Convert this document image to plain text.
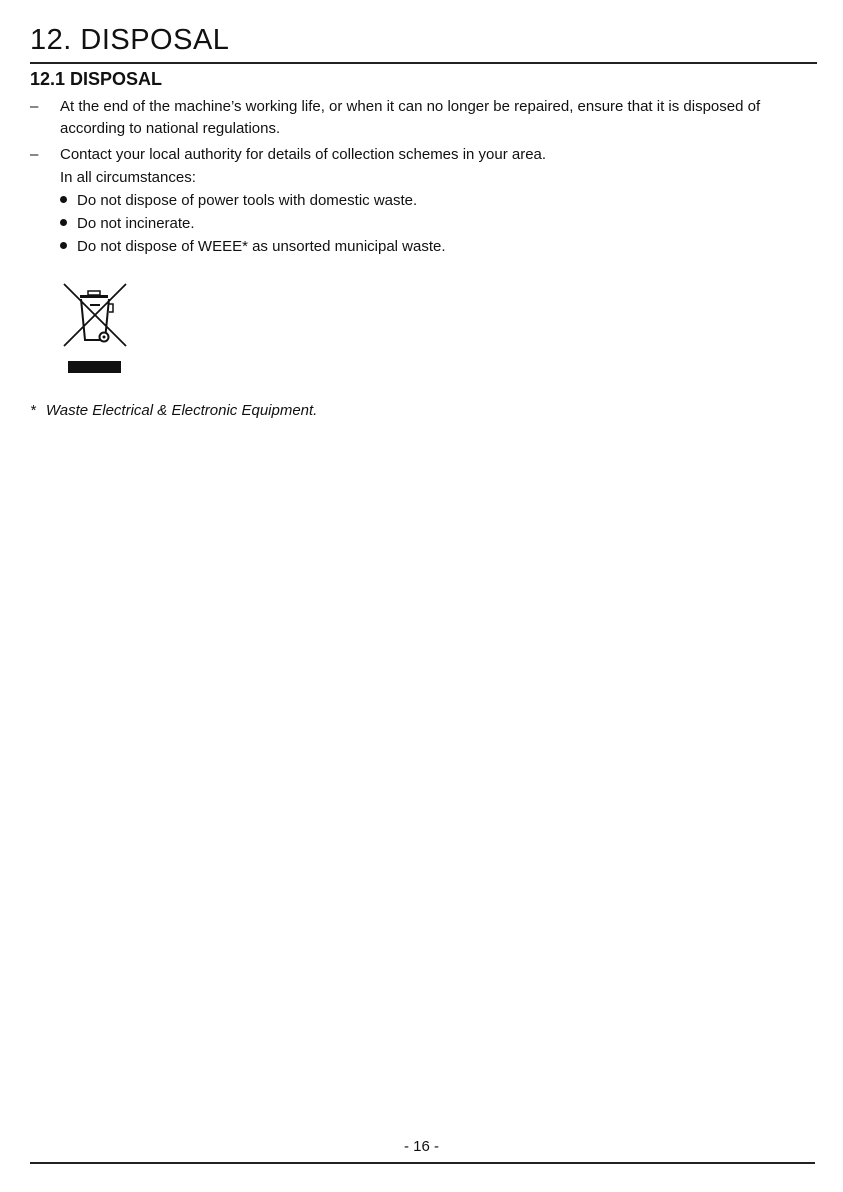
12. DISPOSAL
12.1 DISPOSAL
– At the end of the machine’s working life, or when it can no longer be repaired, ensure that it is disposed of according to national regulations.
– Contact your local authority for details of collection schemes in your area.
In all circumstances:
Do not dispose of power tools with domestic waste.
Do not incinerate.
Do not dispose of WEEE* as unsorted municipal waste.
* Waste Electrical & Electronic Equipment.
- 16 -
